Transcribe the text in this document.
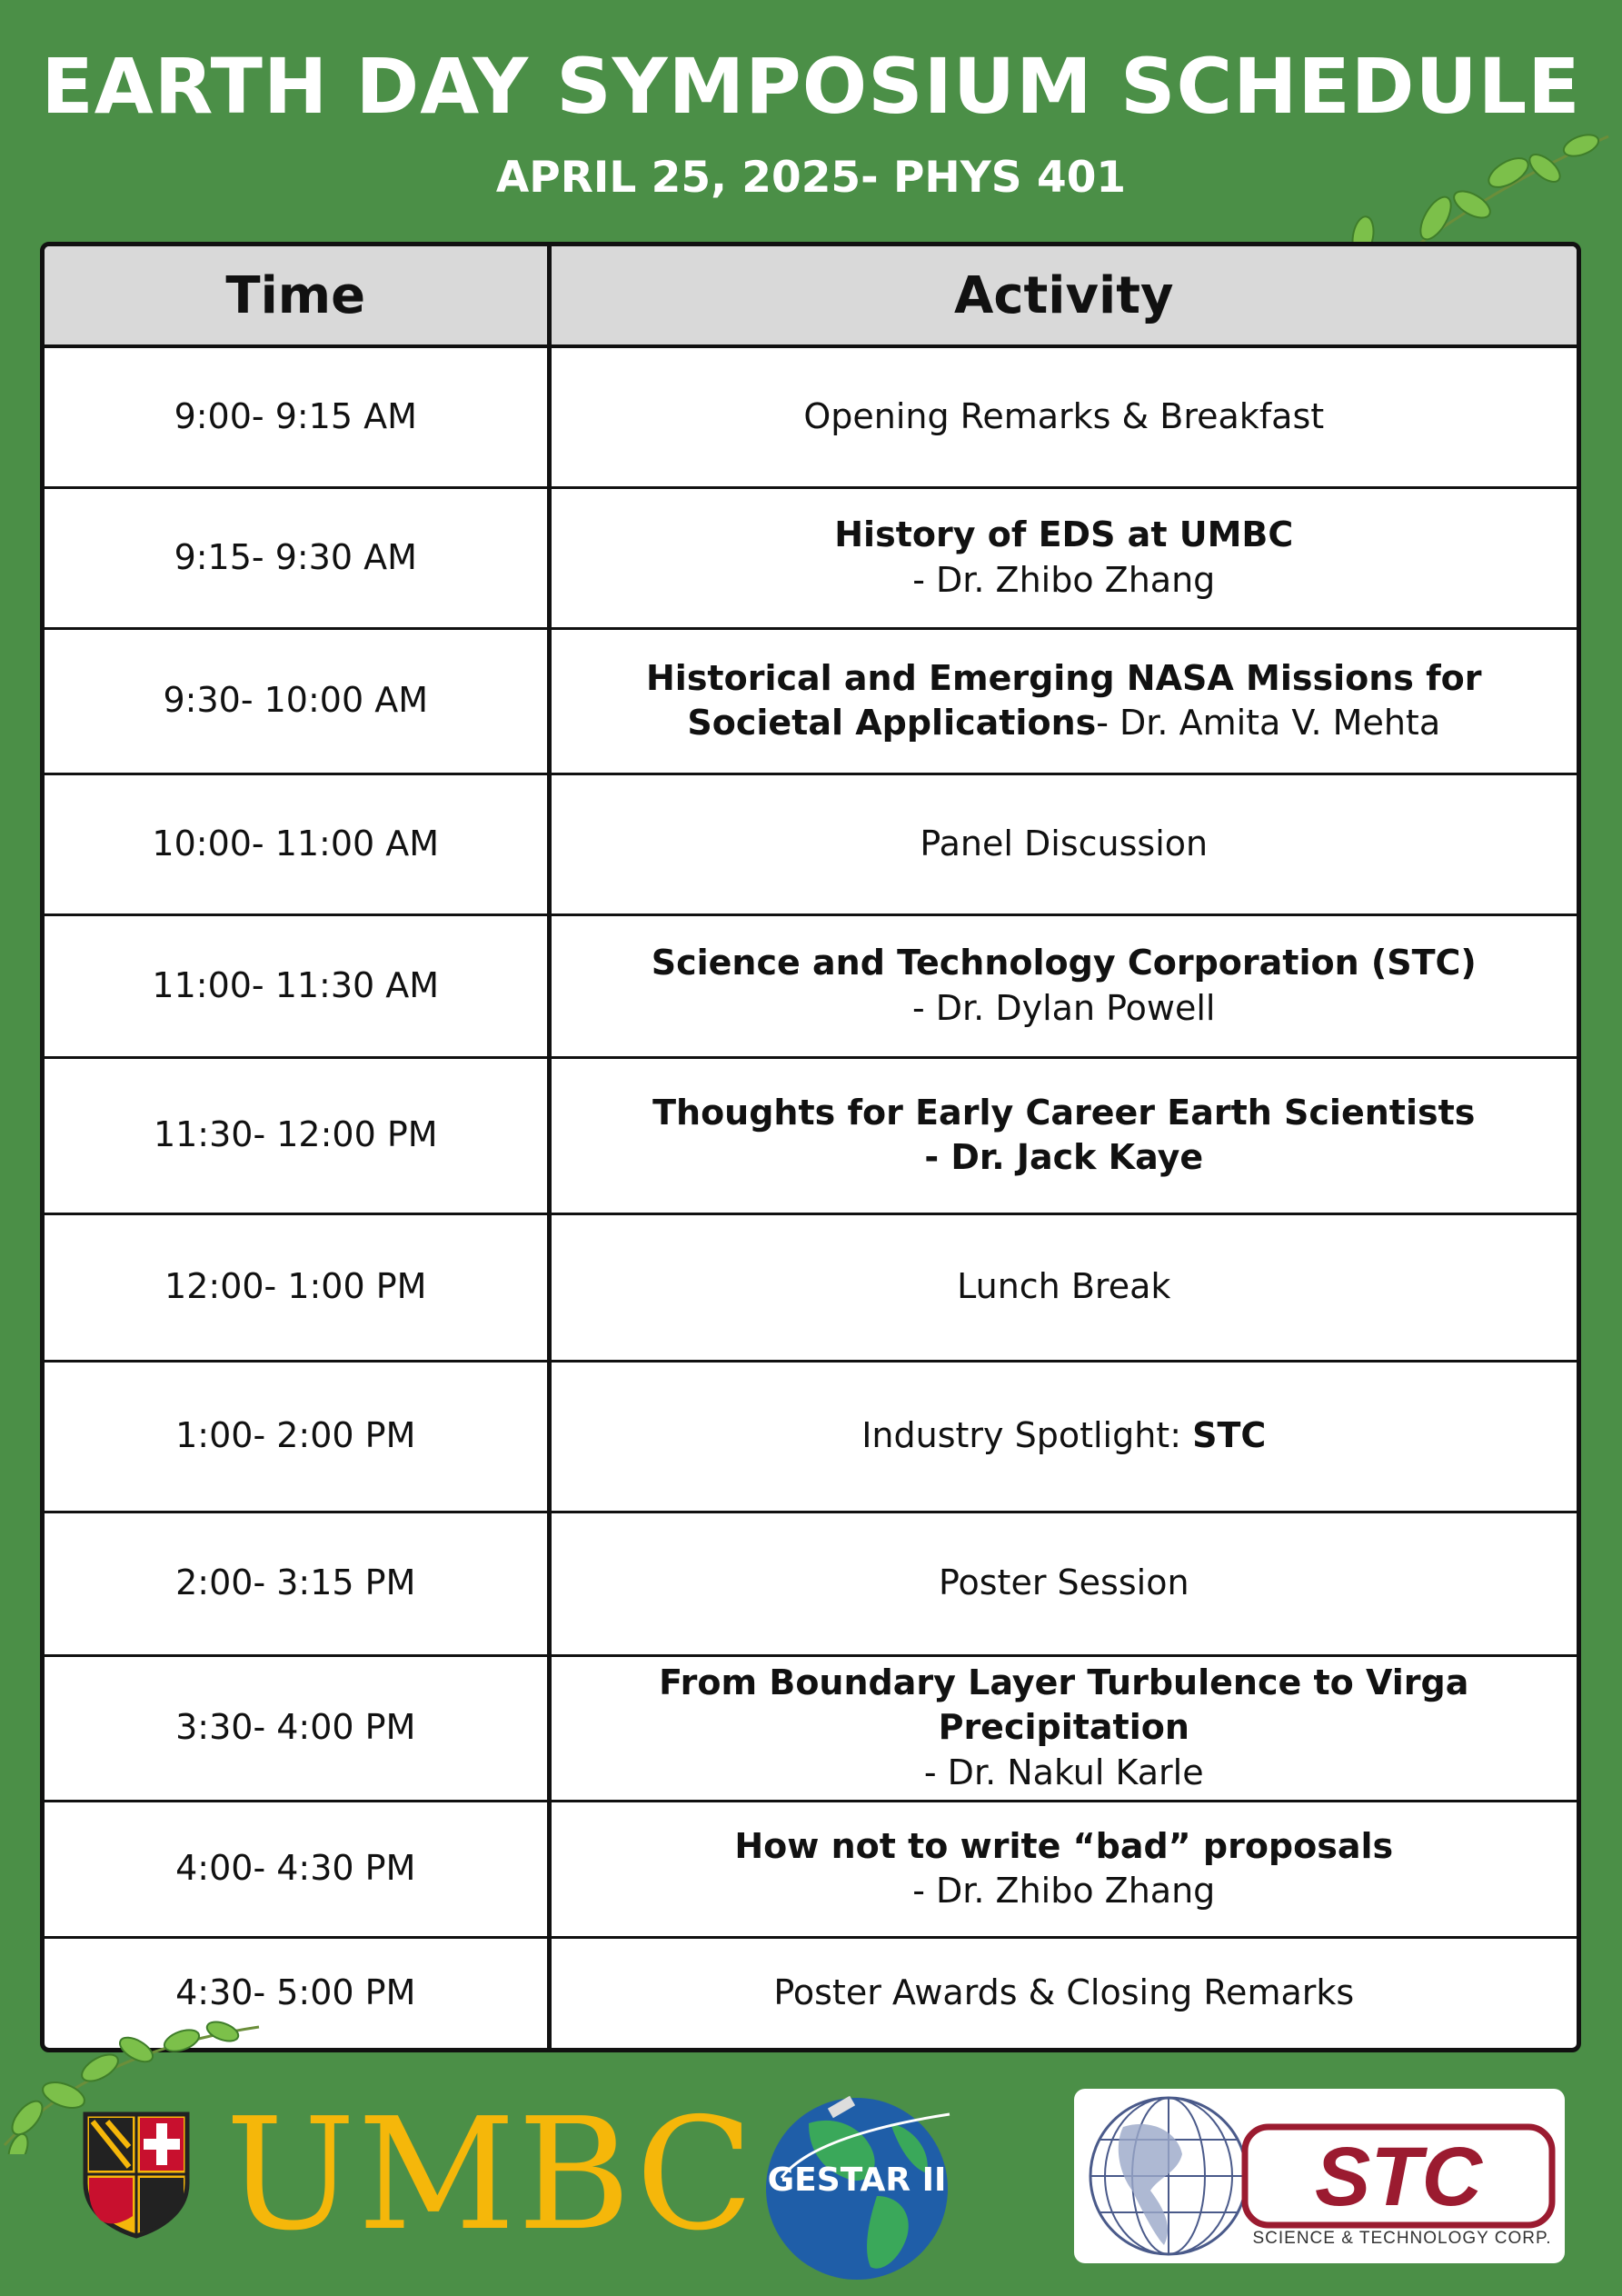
EARTH DAY SYMPOSIUM SCHEDULE
APRIL 25, 2025- PHYS 401
Time	Activity
9:00- 9:15 AM	Opening Remarks & Breakfast
9:15- 9:30 AM	History of EDS at UMBC
- Dr. Zhibo Zhang

9:30- 10:00 AM	Historical and Emerging NASA Missions for
Societal Applications- Dr. Amita V. Mehta

10:00- 11:00 AM	Panel Discussion
11:00- 11:30 AM	Science and Technology Corporation (STC)
- Dr. Dylan Powell

11:30- 12:00 PM	Thoughts for Early Career Earth Scientists
- Dr. Jack Kaye

12:00- 1:00 PM	Lunch Break
1:00- 2:00 PM	Industry Spotlight: STC
2:00- 3:15 PM	Poster Session
3:30- 4:00 PM	From Boundary Layer Turbulence to Virga Precipitation
- Dr. Nakul Karle

4:00- 4:30 PM	How not to write “bad” proposals
- Dr. Zhibo Zhang

4:30- 5:00 PM	Poster Awards & Closing Remarks
UMBC GESTAR II	STC
SCIENCE & TECHNOLOGY CORP.
